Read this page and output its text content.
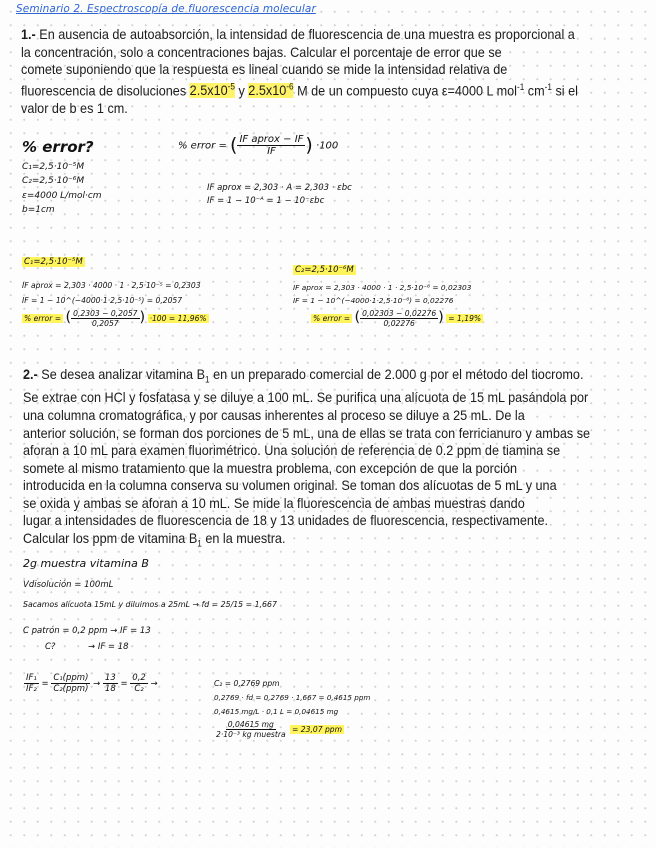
Seminario 2. Espectroscopía de fluorescencia molecular
1.- En ausencia de autoabsorción, la intensidad de fluorescencia de una muestra es proporcional a
la concentración, solo a concentraciones bajas. Calcular el porcentaje de error que se
comete suponiendo que la respuesta es lineal cuando se mide la intensidad relativa de
fluorescencia de disoluciones $2.5x10^{-5}$ y $2.5x10^{-6}$ M de un compuesto cuya ε=4000 L mol$^{-1}$ $cm^{-1}$ si el
valor de b es 1 cm.
% error?
C₁=2,5·10⁻⁵M
C₂=2,5·10⁻⁶M
ε=4000 L/mol·cm
b=1cm
% error = ( $\frac{\text{IF aprox − IF}}{IF}$ ) ·100
IF aprox = 2,303 · A = 2,303 · εbc
IF = 1 − 10⁻ᴬ = 1 − 10⁻εbc
C₁=2,5·10⁻⁵M
IF aprox = 2,303 · 4000 · 1 · 2,5·10⁻⁵ = 0,2303
IF = 1 − 10^(−4000·1·2,5·10⁻⁵) = 0,2057
% error = ( $\frac{0,2303 - 0,2057}{0,2057}$ ) ·100 = 11,96%
C₂=2,5·10⁻⁶M
IF aprox = 2,303 · 4000 · 1 · 2,5·10⁻⁶ = 0,02303
IF = 1 − 10^(−4000·1·2,5·10⁻⁶) = 0,02276
% error = ( $\frac{0,02303 - 0,02276}{0,02276}$ ) = 1,19%
2.- Se desea analizar vitamina $B_1$ en un preparado comercial de 2.000 g por el método del tiocromo.
Se extrae con HCl y fosfatasa y se diluye a 100 mL. Se purifica una alícuota de 15 mL pasándola por
una columna cromatográfica, y por causas inherentes al proceso se diluye a 25 mL. De la
anterior solución, se forman dos porciones de 5 mL, una de ellas se trata con ferricianuro y ambas se
aforan a 10 mL para examen fluorimétrico. Una solución de referencia de 0.2 ppm de tiamina se
somete al mismo tratamiento que la muestra problema, con excepción de que la porción
introducida en la columna conserva su volumen original. Se toman dos alícuotas de 5 mL y una
se oxida y ambas se aforan a 10 mL. Se mide la fluorescencia de ambas muestras dando
lugar a intensidades de fluorescencia de 18 y 13 unidades de fluorescencia, respectivamente.
Calcular los ppm de vitamina $B_1$ en la muestra.
2g muestra vitamina B
Vdisolución = 100mL
Sacamos alícuota 15mL y diluimos a 25mL → fd = 25/15 = 1,667
C patrón = 0,2 ppm → IF = 13
C?	→ IF = 18
$\frac{\text{IF₁}}{\text{IF₂}} = \frac{\text{C₁(ppm)}}{\text{C₂(ppm)}} \to \frac{13}{18} = \frac{0,2}{\text{C₂}}$ →	C₂ = 0,2769 ppm
0,2769 · fd = 0,2769 · 1,667 = 0,4615 ppm
0,4615 mg/L · 0,1 L = 0,04615 mg
$\frac{0,04615 mg}{\text{2·10⁻³ kg muestra}} = 23,07$ ppm
